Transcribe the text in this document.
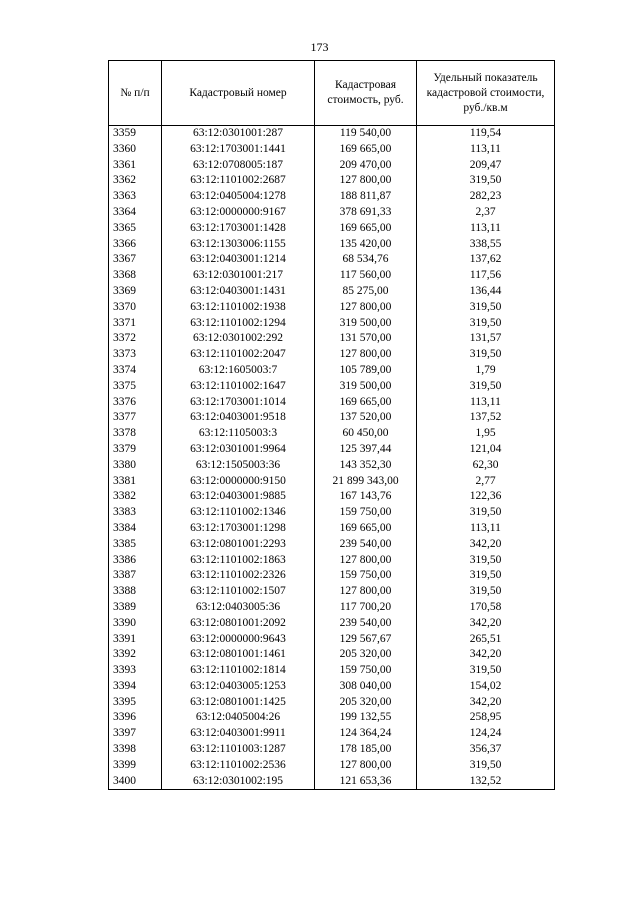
173
№ п/п	Кадастровый номер	Кадастровая стоимость, руб.	Удельный показатель кадастровой стоимости, руб./кв.м
3359	63:12:0301001:287	119 540,00	119,54
3360	63:12:1703001:1441	169 665,00	113,11
3361	63:12:0708005:187	209 470,00	209,47
3362	63:12:1101002:2687	127 800,00	319,50
3363	63:12:0405004:1278	188 811,87	282,23
3364	63:12:0000000:9167	378 691,33	2,37
3365	63:12:1703001:1428	169 665,00	113,11
3366	63:12:1303006:1155	135 420,00	338,55
3367	63:12:0403001:1214	68 534,76	137,62
3368	63:12:0301001:217	117 560,00	117,56
3369	63:12:0403001:1431	85 275,00	136,44
3370	63:12:1101002:1938	127 800,00	319,50
3371	63:12:1101002:1294	319 500,00	319,50
3372	63:12:0301002:292	131 570,00	131,57
3373	63:12:1101002:2047	127 800,00	319,50
3374	63:12:1605003:7	105 789,00	1,79
3375	63:12:1101002:1647	319 500,00	319,50
3376	63:12:1703001:1014	169 665,00	113,11
3377	63:12:0403001:9518	137 520,00	137,52
3378	63:12:1105003:3	60 450,00	1,95
3379	63:12:0301001:9964	125 397,44	121,04
3380	63:12:1505003:36	143 352,30	62,30
3381	63:12:0000000:9150	21 899 343,00	2,77
3382	63:12:0403001:9885	167 143,76	122,36
3383	63:12:1101002:1346	159 750,00	319,50
3384	63:12:1703001:1298	169 665,00	113,11
3385	63:12:0801001:2293	239 540,00	342,20
3386	63:12:1101002:1863	127 800,00	319,50
3387	63:12:1101002:2326	159 750,00	319,50
3388	63:12:1101002:1507	127 800,00	319,50
3389	63:12:0403005:36	117 700,20	170,58
3390	63:12:0801001:2092	239 540,00	342,20
3391	63:12:0000000:9643	129 567,67	265,51
3392	63:12:0801001:1461	205 320,00	342,20
3393	63:12:1101002:1814	159 750,00	319,50
3394	63:12:0403005:1253	308 040,00	154,02
3395	63:12:0801001:1425	205 320,00	342,20
3396	63:12:0405004:26	199 132,55	258,95
3397	63:12:0403001:9911	124 364,24	124,24
3398	63:12:1101003:1287	178 185,00	356,37
3399	63:12:1101002:2536	127 800,00	319,50
3400	63:12:0301002:195	121 653,36	132,52
